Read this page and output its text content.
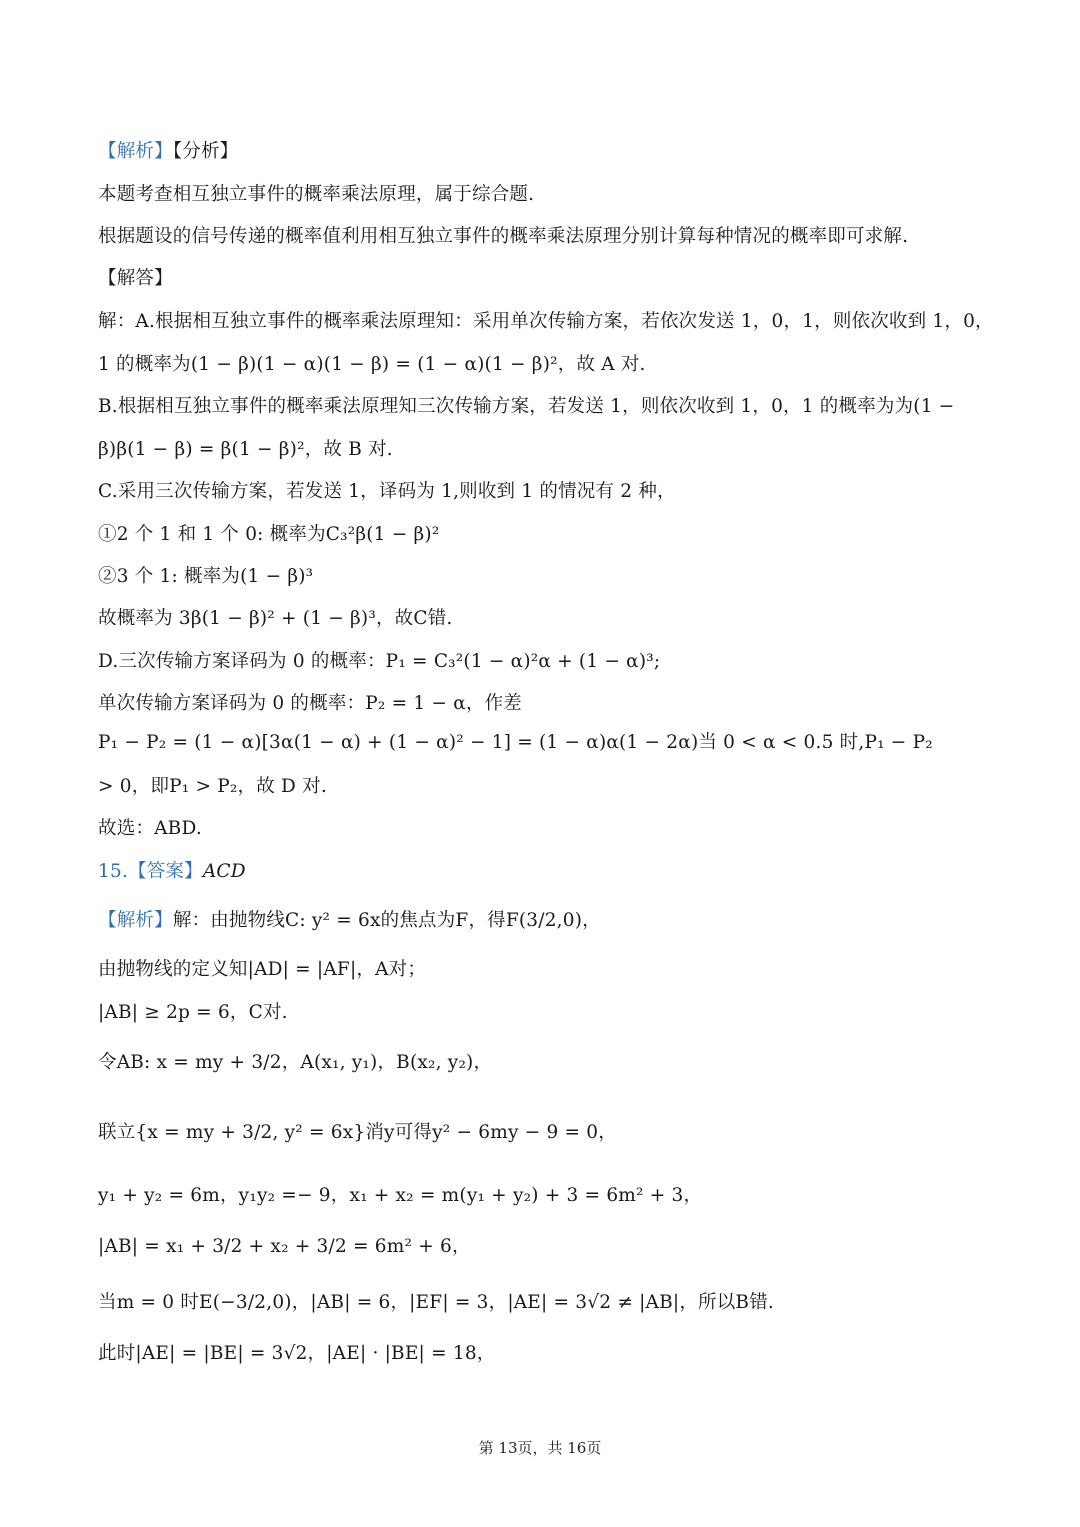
【解析】【分析】
本题考查相互独立事件的概率乘法原理，属于综合题.
根据题设的信号传递的概率值利用相互独立事件的概率乘法原理分别计算每种情况的概率即可求解.
【解答】
解：A.根据相互独立事件的概率乘法原理知：采用单次传输方案，若依次发送 1，0，1，则依次收到 1，0，
1 的概率为(1 − β)(1 − α)(1 − β) = (1 − α)(1 − β)²，故 A 对.
B.根据相互独立事件的概率乘法原理知三次传输方案，若发送 1，则依次收到 1，0，1 的概率为为(1 −
β)β(1 − β) = β(1 − β)²，故 B 对.
C.采用三次传输方案，若发送 1，译码为 1,则收到 1 的情况有 2 种，
①2 个 1 和 1 个 0: 概率为C₃²β(1 − β)²
②3 个 1: 概率为(1 − β)³
故概率为 3β(1 − β)² + (1 − β)³，故C错.
D.三次传输方案译码为 0 的概率：P₁ = C₃²(1 − α)²α + (1 − α)³;
单次传输方案译码为 0 的概率：P₂ = 1 − α，作差
P₁ − P₂ = (1 − α)[3α(1 − α) + (1 − α)² − 1] = (1 − α)α(1 − 2α)当 0 < α < 0.5 时,P₁ − P₂
> 0，即P₁ > P₂，故 D 对.
故选：ABD.
15.【答案】ACD
【解析】解：由抛物线C: y² = 6x的焦点为F，得F(3/2,0)，
由抛物线的定义知|AD| = |AF|，A对；
|AB| ≥ 2p = 6，C对.
令AB: x = my + 3/2，A(x₁, y₁)，B(x₂, y₂)，
联立{x = my + 3/2, y² = 6x}消y可得y² − 6my − 9 = 0，
y₁ + y₂ = 6m，y₁y₂ =− 9，x₁ + x₂ = m(y₁ + y₂) + 3 = 6m² + 3，
|AB| = x₁ + 3/2 + x₂ + 3/2 = 6m² + 6，
当m = 0 时E(−3/2,0)，|AB| = 6，|EF| = 3，|AE| = 3√2 ≠ |AB|，所以B错.
此时|AE| = |BE| = 3√2，|AE| · |BE| = 18，
第 13页，共 16页
